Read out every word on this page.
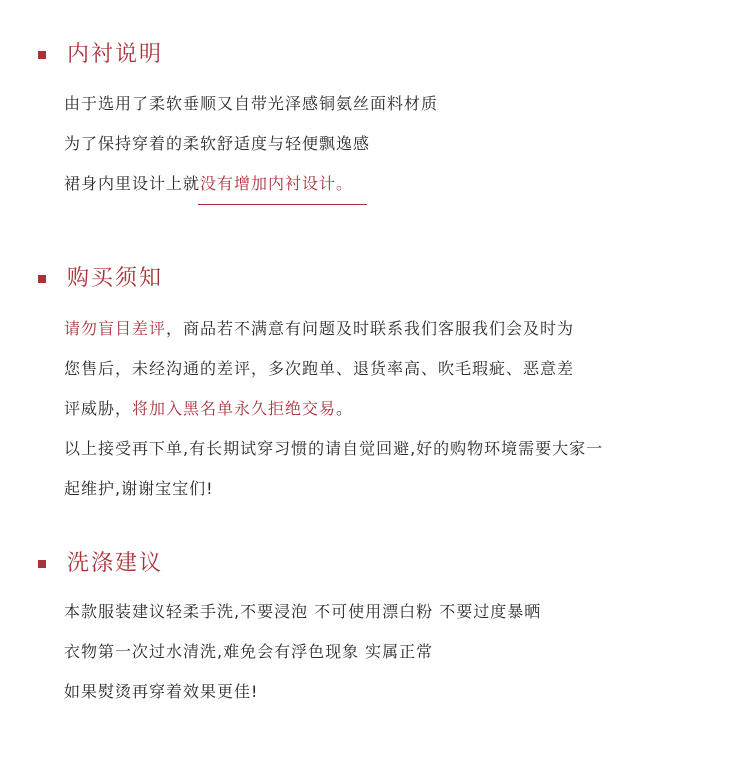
内衬说明
由于选用了柔软垂顺又自带光泽感铜氨丝面料材质
为了保持穿着的柔软舒适度与轻便飘逸感
裙身内里设计上就没有增加内衬设计。
购买须知
请勿盲目差评，商品若不满意有问题及时联系我们客服我们会及时为
您售后，未经沟通的差评，多次跑单、退货率高、吹毛瑕疵、恶意差
评威胁，将加入黑名单永久拒绝交易。
以上接受再下单,有长期试穿习惯的请自觉回避,好的购物环境需要大家一
起维护,谢谢宝宝们!
洗涤建议
本款服装建议轻柔手洗,不要浸泡 不可使用漂白粉 不要过度暴晒
衣物第一次过水清洗,难免会有浮色现象 实属正常
如果熨烫再穿着效果更佳!
